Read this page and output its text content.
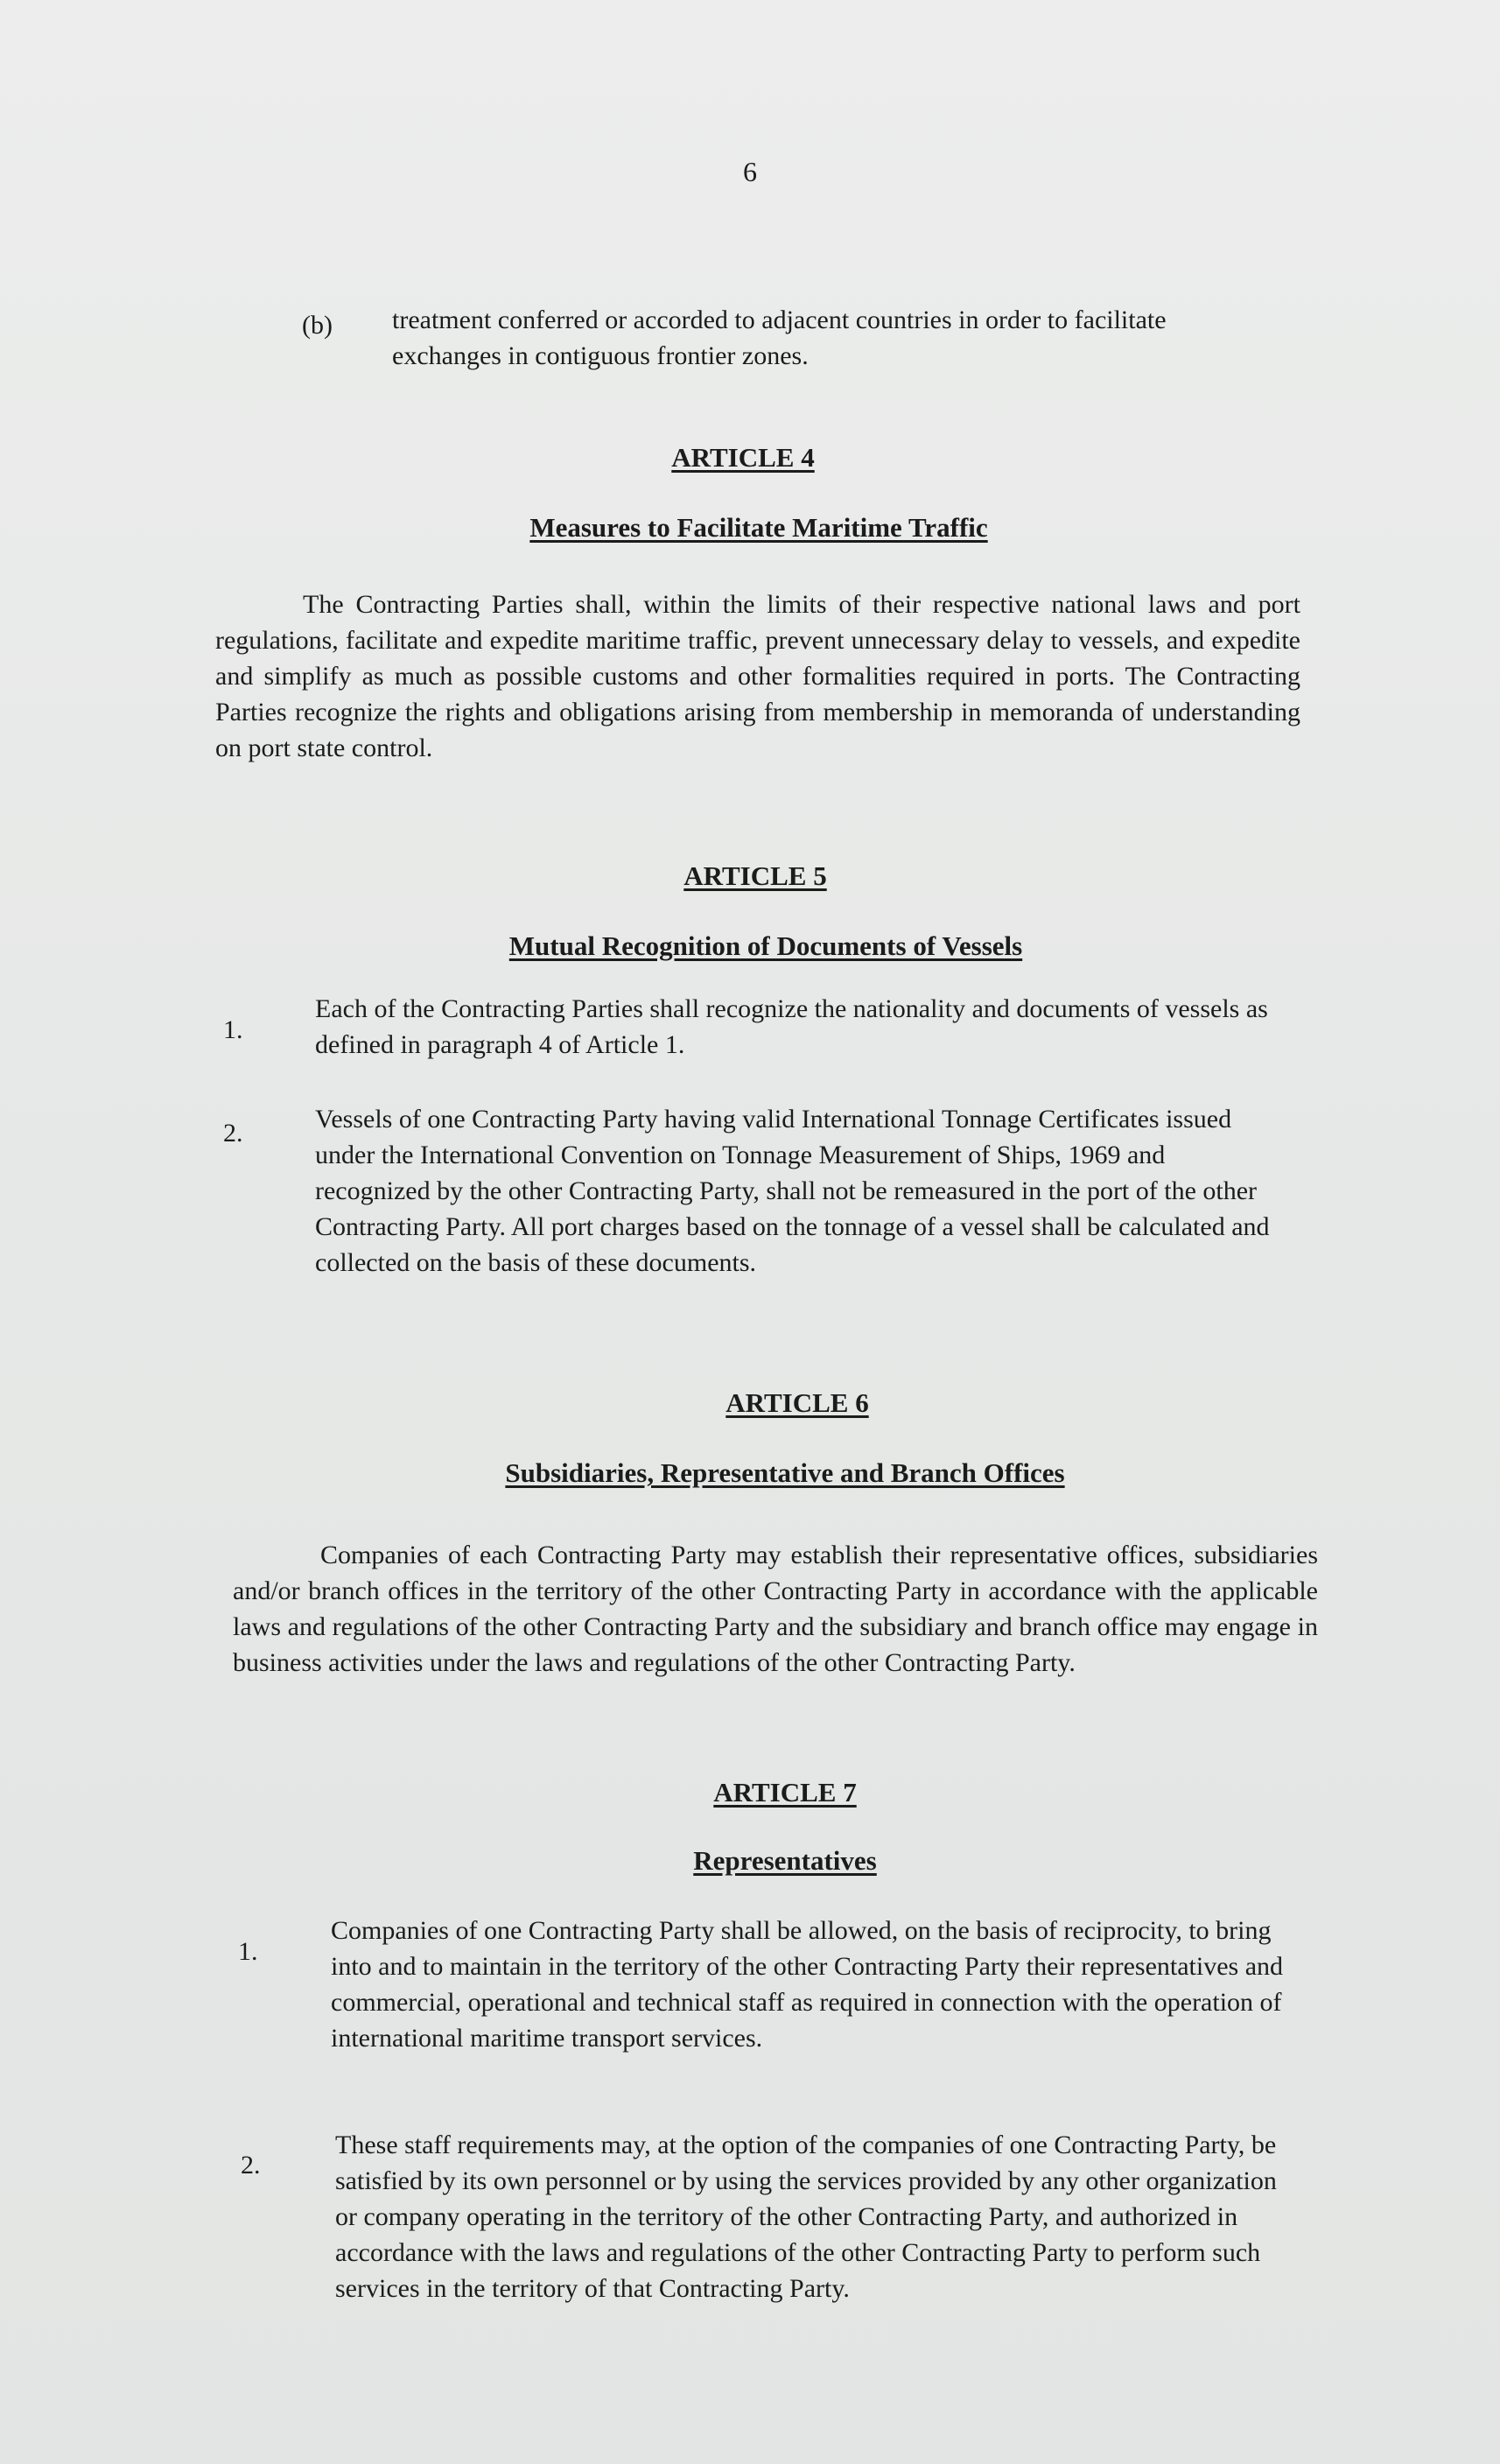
6
(b) treatment conferred or accorded to adjacent countries in order to facilitate exchanges in contiguous frontier zones.
ARTICLE 4
Measures to Facilitate Maritime Traffic
The Contracting Parties shall, within the limits of their respective national laws and port regulations, facilitate and expedite maritime traffic, prevent unnecessary delay to vessels, and expedite and simplify as much as possible customs and other formalities required in ports. The Contracting Parties recognize the rights and obligations arising from membership in memoranda of understanding on port state control.
ARTICLE 5
Mutual Recognition of Documents of Vessels
1.
Each of the Contracting Parties shall recognize the nationality and documents of vessels as defined in paragraph 4 of Article 1.
2.	Vessels of one Contracting Party having valid International Tonnage Certificates issued under the International Convention on Tonnage Measurement of Ships, 1969 and recognized by the other Contracting Party, shall not be remeasured in the port of the other Contracting Party. All port charges based on the tonnage of a vessel shall be calculated and collected on the basis of these documents.
ARTICLE 6
Subsidiaries, Representative and Branch Offices
Companies of each Contracting Party may establish their representative offices, subsidiaries and/or branch offices in the territory of the other Contracting Party in accordance with the applicable laws and regulations of the other Contracting Party and the subsidiary and branch office may engage in business activities under the laws and regulations of the other Contracting Party.
ARTICLE 7
Representatives
1.
Companies of one Contracting Party shall be allowed, on the basis of reciprocity, to bring into and to maintain in the territory of the other Contracting Party their representatives and commercial, operational and technical staff as required in connection with the operation of international maritime transport services.
2.
These staff requirements may, at the option of the companies of one Contracting Party, be satisfied by its own personnel or by using the services provided by any other organization or company operating in the territory of the other Contracting Party, and authorized in accordance with the laws and regulations of the other Contracting Party to perform such services in the territory of that Contracting Party.
